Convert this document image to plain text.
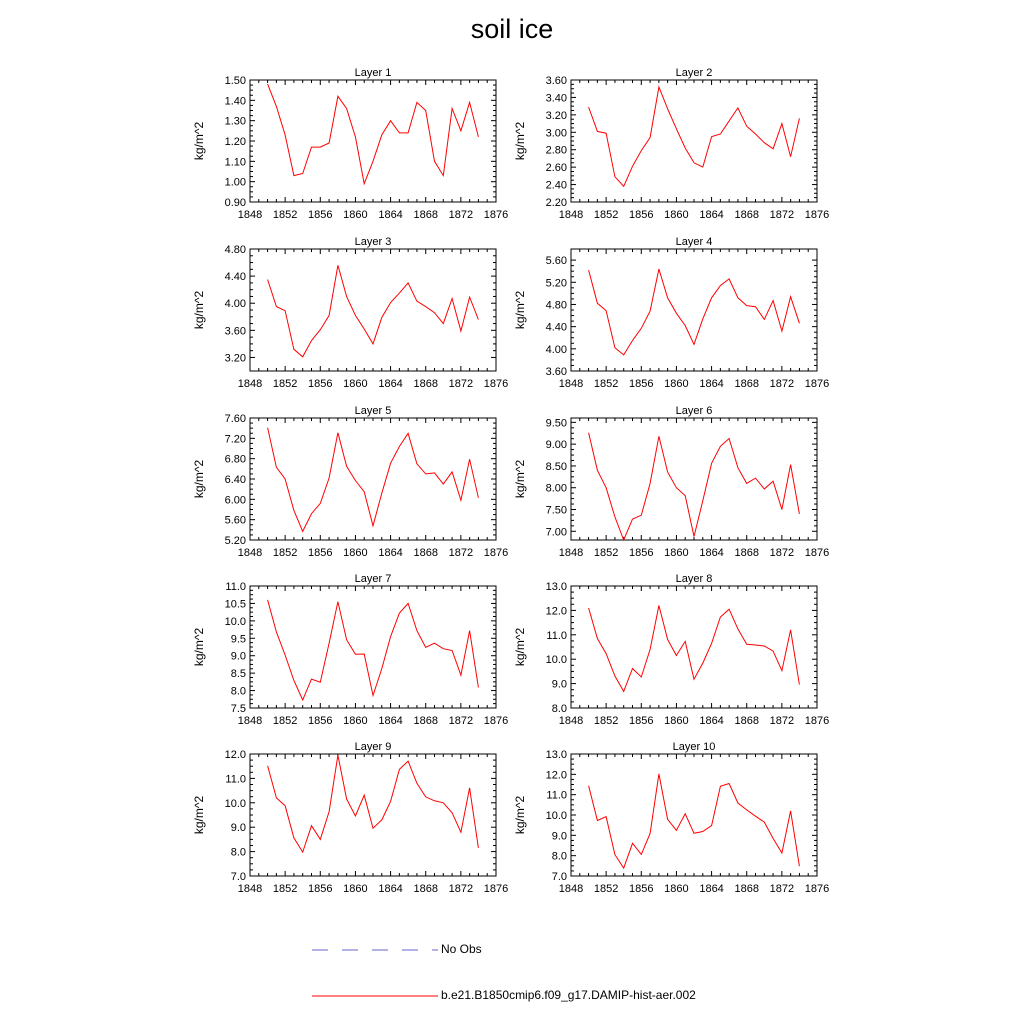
soil ice
Layer 1
1848 1852 1856 1860 1864 1868 1872 1876
0.90
1.00
1.10
1.20
1.30
1.40
1.50
kg/m^2
Layer 2
1848 1852 1856 1860 1864 1868 1872 1876
2.20
2.40
2.60
2.80
3.00
3.20
3.40
3.60
kg/m^2
Layer 3
1848 1852 1856 1860 1864 1868 1872 1876
3.20
3.60
4.00
4.40
4.80
kg/m^2
Layer 4
1848 1852 1856 1860 1864 1868 1872 1876
3.60
4.00
4.40
4.80
5.20
5.60
kg/m^2
Layer 5
1848 1852 1856 1860 1864 1868 1872 1876
5.20
5.60
6.00
6.40
6.80
7.20
7.60
kg/m^2
Layer 6
1848 1852 1856 1860 1864 1868 1872 1876
7.00
7.50
8.00
8.50
9.00
9.50
kg/m^2
Layer 7
1848 1852 1856 1860 1864 1868 1872 1876
7.5
8.0
8.5
9.0
9.5
10.0
10.5
11.0
kg/m^2
Layer 8
1848 1852 1856 1860 1864 1868 1872 1876
8.0
9.0
10.0
11.0
12.0
13.0
kg/m^2
Layer 9
1848 1852 1856 1860 1864 1868 1872 1876
7.0
8.0
9.0
10.0
11.0
12.0
kg/m^2
Layer 10
1848 1852 1856 1860 1864 1868 1872 1876
7.0
8.0
9.0
10.0
11.0
12.0
13.0
kg/m^2
No Obs
b.e21.B1850cmip6.f09_g17.DAMIP-hist-aer.002
